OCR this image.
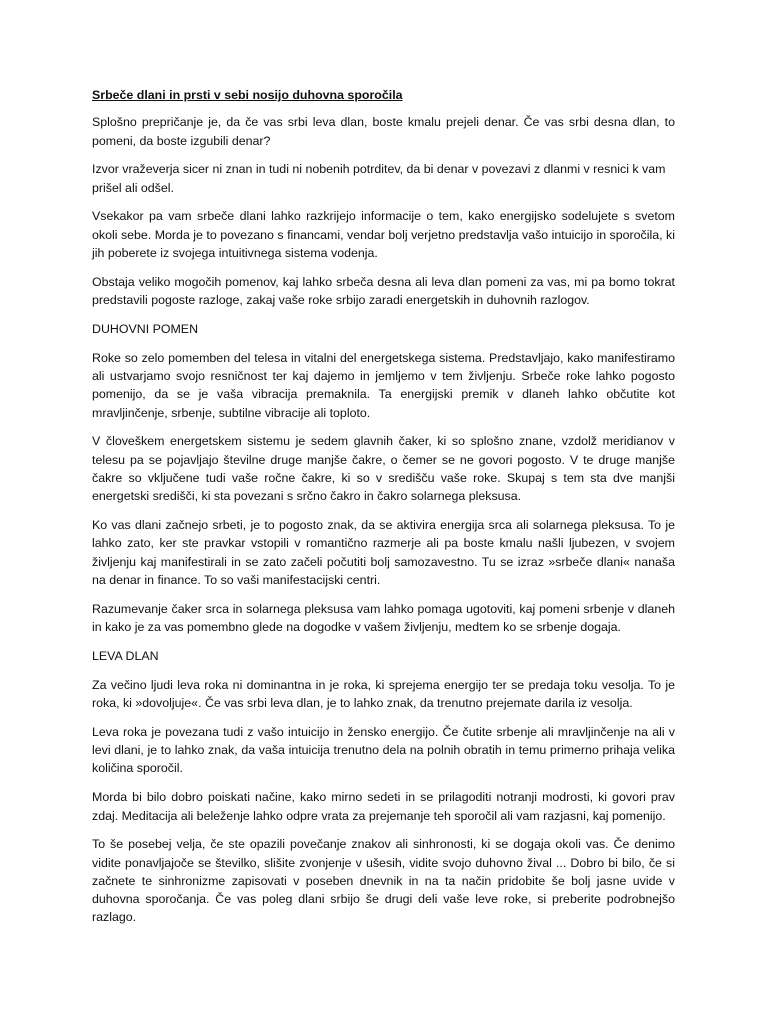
Srbeče dlani in prsti v sebi nosijo duhovna sporočila

Splošno prepričanje je, da če vas srbi leva dlan, boste kmalu prejeli denar. Če vas srbi desna dlan, to pomeni, da boste izgubili denar?

Izvor vraževerja sicer ni znan in tudi ni nobenih potrditev, da bi denar v povezavi z dlanmi v resnici k vam prišel ali odšel.

Vsekakor pa vam srbeče dlani lahko razkrijejo informacije o tem, kako energijsko sodelujete s svetom okoli sebe. Morda je to povezano s financami, vendar bolj verjetno predstavlja vašo intuicijo in sporočila, ki jih poberete iz svojega intuitivnega sistema vodenja.

Obstaja veliko mogočih pomenov, kaj lahko srbeča desna ali leva dlan pomeni za vas, mi pa bomo tokrat predstavili pogoste razloge, zakaj vaše roke srbijo zaradi energetskih in duhovnih razlogov.

DUHOVNI POMEN

Roke so zelo pomemben del telesa in vitalni del energetskega sistema. Predstavljajo, kako manifestiramo ali ustvarjamo svojo resničnost ter kaj dajemo in jemljemo v tem življenju. Srbeče roke lahko pogosto pomenijo, da se je vaša vibracija premaknila. Ta energijski premik v dlaneh lahko občutite kot mravljinčenje, srbenje, subtilne vibracije ali toploto.

V človeškem energetskem sistemu je sedem glavnih čaker, ki so splošno znane, vzdolž meridianov v telesu pa se pojavljajo številne druge manjše čakre, o čemer se ne govori pogosto. V te druge manjše čakre so vključene tudi vaše ročne čakre, ki so v središču vaše roke. Skupaj s tem sta dve manjši energetski središči, ki sta povezani s srčno čakro in čakro solarnega pleksusa.

Ko vas dlani začnejo srbeti, je to pogosto znak, da se aktivira energija srca ali solarnega pleksusa. To je lahko zato, ker ste pravkar vstopili v romantično razmerje ali pa boste kmalu našli ljubezen, v svojem življenju kaj manifestirali in se zato začeli počutiti bolj samozavestno. Tu se izraz »srbeče dlani« nanaša na denar in finance. To so vaši manifestacijski centri.

Razumevanje čaker srca in solarnega pleksusa vam lahko pomaga ugotoviti, kaj pomeni srbenje v dlaneh in kako je za vas pomembno glede na dogodke v vašem življenju, medtem ko se srbenje dogaja.

LEVA DLAN

Za večino ljudi leva roka ni dominantna in je roka, ki sprejema energijo ter se predaja toku vesolja. To je roka, ki »dovoljuje«. Če vas srbi leva dlan, je to lahko znak, da trenutno prejemate darila iz vesolja.

Leva roka je povezana tudi z vašo intuicijo in žensko energijo. Če čutite srbenje ali mravljinčenje na ali v levi dlani, je to lahko znak, da vaša intuicija trenutno dela na polnih obratih in temu primerno prihaja velika količina sporočil.

Morda bi bilo dobro poiskati načine, kako mirno sedeti in se prilagoditi notranji modrosti, ki govori prav zdaj. Meditacija ali beleženje lahko odpre vrata za prejemanje teh sporočil ali vam razjasni, kaj pomenijo.

To še posebej velja, če ste opazili povečanje znakov ali sinhronosti, ki se dogaja okoli vas. Če denimo vidite ponavljajoče se številko, slišite zvonjenje v ušesih, vidite svojo duhovno žival ... Dobro bi bilo, če si začnete te sinhronizme zapisovati v poseben dnevnik in na ta način pridobite še bolj jasne uvide v duhovna sporočanja. Če vas poleg dlani srbijo še drugi deli vaše leve roke, si preberite podrobnejšo razlago.
